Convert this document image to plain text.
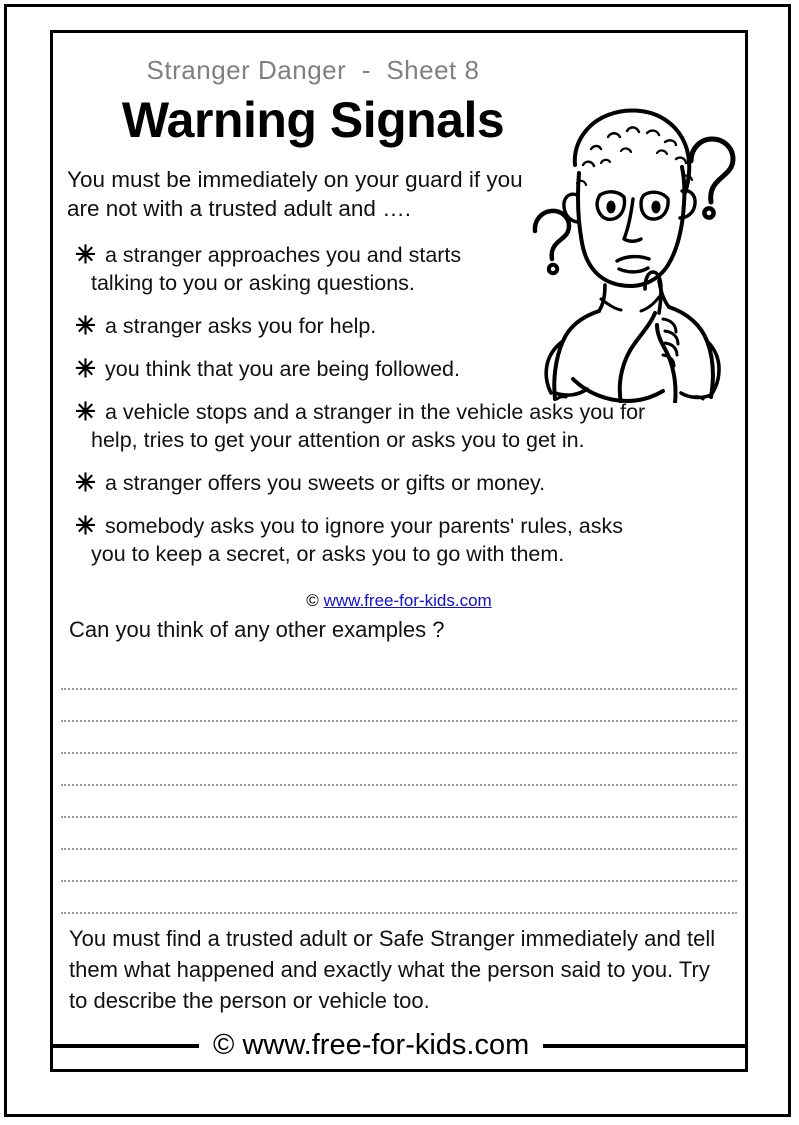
Stranger Danger  -  Sheet 8
Warning Signals
You must be immediately on your guard if you are not with a trusted adult and ….
✳ a stranger approaches you and starts
talking to you or asking questions.
✳ a stranger asks you for help.
✳ you think that you are being followed.
✳ a vehicle stops and a stranger in the vehicle asks you for
help, tries to get your attention or asks you to get in.
✳ a stranger offers you sweets or gifts or money.
✳ somebody asks you to ignore your parents' rules, asks
you to keep a secret, or asks you to go with them.
© www.free-for-kids.com
Can you think of any other examples ?
You must find a trusted adult or Safe Stranger immediately and tell them what happened and exactly what the person said to you. Try to describe the person or vehicle too.
© www.free-for-kids.com
